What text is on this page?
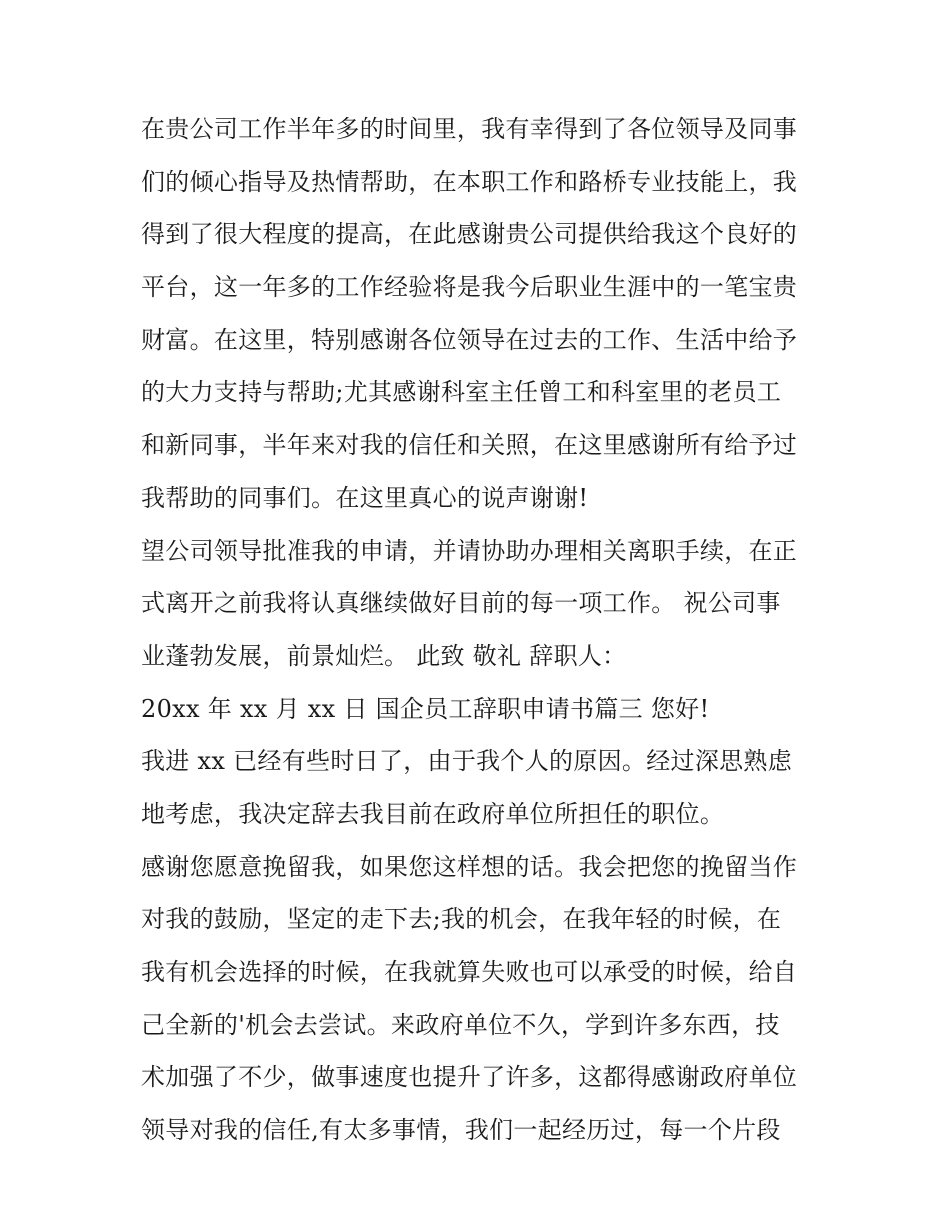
在贵公司工作半年多的时间里，我有幸得到了各位领导及同事
们的倾心指导及热情帮助，在本职工作和路桥专业技能上，我
得到了很大程度的提高，在此感谢贵公司提供给我这个良好的
平台，这一年多的工作经验将是我今后职业生涯中的一笔宝贵
财富。在这里，特别感谢各位领导在过去的工作、生活中给予
的大力支持与帮助;尤其感谢科室主任曾工和科室里的老员工
和新同事，半年来对我的信任和关照，在这里感谢所有给予过
我帮助的同事们。在这里真心的说声谢谢!
望公司领导批准我的申请，并请协助办理相关离职手续，在正
式离开之前我将认真继续做好目前的每一项工作。 祝公司事
业蓬勃发展，前景灿烂。 此致 敬礼 辞职人：
20xx 年 xx 月 xx 日 国企员工辞职申请书篇三 您好!
我进 xx 已经有些时日了，由于我个人的原因。经过深思熟虑
地考虑，我决定辞去我目前在政府单位所担任的职位。
感谢您愿意挽留我，如果您这样想的话。我会把您的挽留当作
对我的鼓励，坚定的走下去;我的机会，在我年轻的时候，在
我有机会选择的时候，在我就算失败也可以承受的时候，给自
己全新的'机会去尝试。来政府单位不久，学到许多东西，技
术加强了不少，做事速度也提升了许多，这都得感谢政府单位
领导对我的信任,有太多事情，我们一起经历过，每一个片段
